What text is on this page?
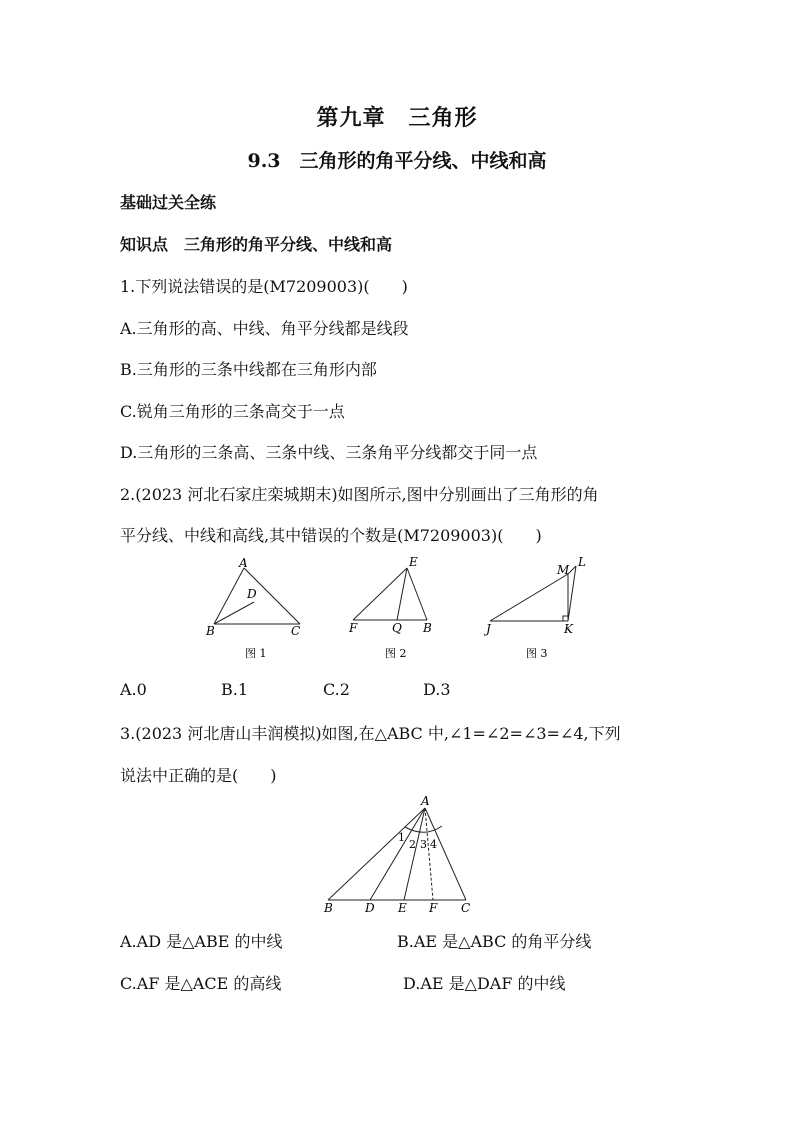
第九章　三角形
9.3　三角形的角平分线、中线和高
基础过关全练
知识点　三角形的角平分线、中线和高
1.下列说法错误的是(M7209003)(　　)
A.三角形的高、中线、角平分线都是线段
B.三角形的三条中线都在三角形内部
C.锐角三角形的三条高交于一点
D.三角形的三条高、三条中线、三条角平分线都交于同一点
2.(2023 河北石家庄栾城期末)如图所示,图中分别画出了三角形的角
平分线、中线和高线,其中错误的个数是(M7209003)(　　)
A
D
B	C
图 1
E
F	Q B
图 2
M
L
J	K
图 3
A.0	B.1	C.2	D.3
3.(2023 河北唐山丰润模拟)如图,在△ABC 中,∠1=∠2=∠3=∠4,下列
说法中正确的是(　　)
A
1
2 3 4
B	D E F C
A.AD 是△ABE 的中线	B.AE 是△ABC 的角平分线
C.AF 是△ACE 的高线	D.AE 是△DAF 的中线
